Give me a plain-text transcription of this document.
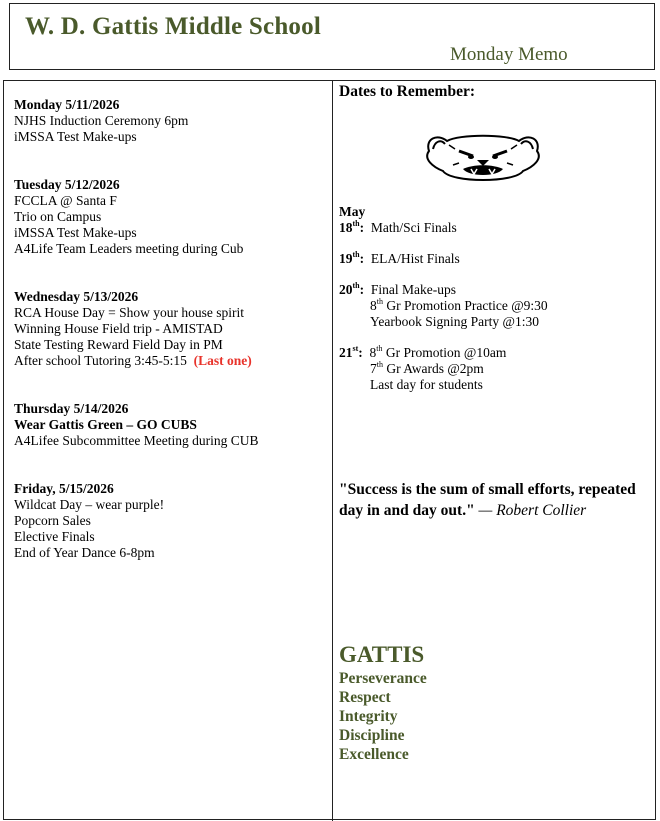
W. D. Gattis Middle School
Monday Memo
Monday 5/11/2026
NJHS Induction Ceremony 6pm
iMSSA Test Make-ups
Tuesday 5/12/2026
FCCLA @ Santa F
Trio on Campus
iMSSA Test Make-ups
A4Life Team Leaders meeting during Cub
Wednesday 5/13/2026
RCA House Day = Show your house spirit
Winning House Field trip - AMISTAD
State Testing Reward Field Day in PM
After school Tutoring 3:45-5:15 (Last one)
Thursday 5/14/2026
Wear Gattis Green – GO CUBS
A4Lifee Subcommittee Meeting during CUB
Friday, 5/15/2026
Wildcat Day – wear purple!
Popcorn Sales
Elective Finals
End of Year Dance 6-8pm
Dates to Remember:
May
18th: Math/Sci Finals
19th: ELA/Hist Finals
20th: Final Make-ups
8th Gr Promotion Practice @9:30
Yearbook Signing Party @1:30
21st: 8th Gr Promotion @10am
7th Gr Awards @2pm
Last day for students
"Success is the sum of small efforts, repeated day in and day out." — Robert Collier
GATTIS
Perseverance
Respect
Integrity
Discipline
Excellence
